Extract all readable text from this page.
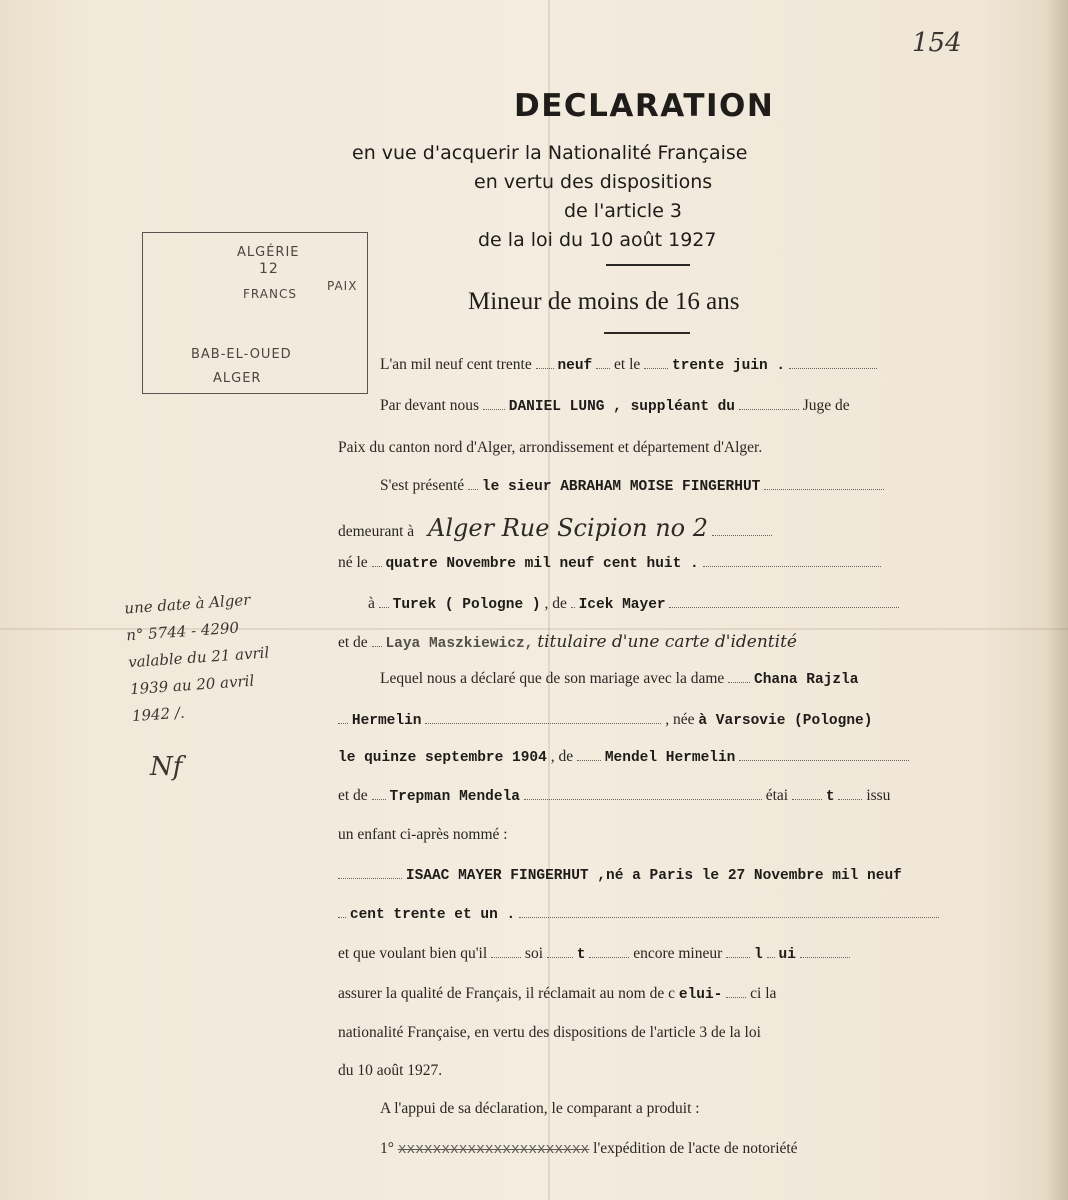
154
DECLARATION
en vue d'acquerir la Nationalité Française
en vertu des dispositions
de l'article 3
de la loi du 10 août 1927
Mineur de moins de 16 ans
ALGÉRIE
12
FRANCS
PAIX
BAB-EL-OUED
ALGER
L'an mil neuf cent trente neuf et le trente juin .
Par devant nous DANIEL LUNG , suppléant du	Juge de
Paix du canton nord d'Alger, arrondissement et département d'Alger.
S'est présenté le sieur ABRAHAM MOISE FINGERHUT
demeurant à Alger Rue Scipion no 2
né le quatre Novembre mil neuf cent huit .
à Turek ( Pologne ) , de Icek Mayer
et de Laya Maszkiewicz, titulaire d'une carte d'identité
Lequel nous a déclaré que de son mariage avec la dame Chana Rajzla
Hermelin	, née à Varsovie (Pologne)
le quinze septembre 1904 , de Mendel Hermelin
et de Trepman Mendela	étai	t issu
un enfant ci-après nommé :
ISAAC MAYER FINGERHUT ,né a Paris le 27 Novembre mil neuf
cent trente et un .
et que voulant bien qu'il soi t	encore mineur l ui
assurer la qualité de Français, il réclamait au nom de c elui- ci la
nationalité Française, en vertu des dispositions de l'article 3 de la loi
du 10 août 1927.
A l'appui de sa déclaration, le comparant a produit :
1° xxxxxxxxxxxxxxxxxxxxxx l'expédition de l'acte de notoriété
une date à Alger
n° 5744 - 4290
valable du 21 avril
1939 au 20 avril
1942 /.
Nf
